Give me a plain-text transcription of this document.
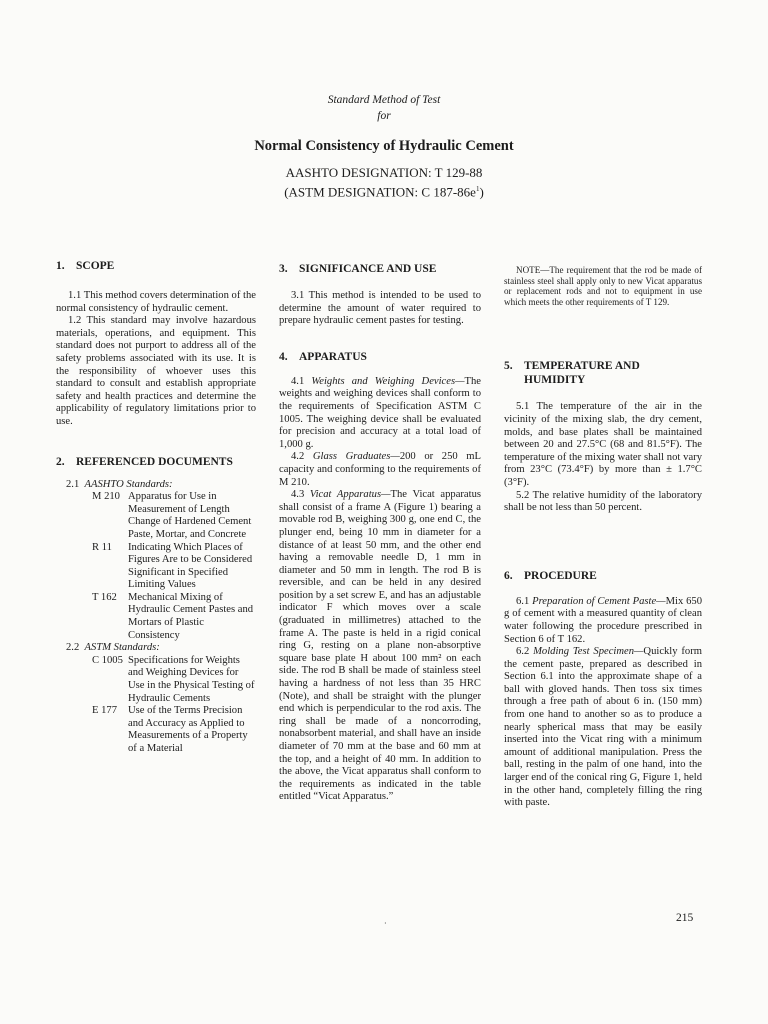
Standard Method of Test
for
Normal Consistency of Hydraulic Cement
AASHTO DESIGNATION: T 129-88
(ASTM DESIGNATION: C $187-86e^1$)
1. SCOPE

1.1 This method covers determination of the normal consistency of hydraulic cement.

1.2 This standard may involve hazardous materials, operations, and equipment. This standard does not purport to address all of the safety problems associated with its use. It is the responsibility of whoever uses this standard to consult and establish appropriate safety and health practices and determine the applicability of regulatory limitations prior to use.

2. REFERENCED DOCUMENTS
2.1 AASHTO Standards:
M 210 Apparatus for Use in Measurement of Length Change of Hardened Cement Paste, Mortar, and Concrete
R 11	Indicating Which Places of Figures Are to be Considered Significant in Specified Limiting Values
T 162	Mechanical Mixing of Hydraulic Cement Pastes and Mortars of Plastic Consistency
2.2 ASTM Standards:
C 1005 Specifications for Weights and Weighing Devices for Use in the Physical Testing of Hydraulic Cements
E 177	Use of the Terms Precision and Accuracy as Applied to Measurements of a Property of a Material
3. SIGNIFICANCE AND USE

3.1 This method is intended to be used to determine the amount of water required to prepare hydraulic cement pastes for testing.

4. APPARATUS

4.1 Weights and Weighing Devices—The weights and weighing devices shall conform to the requirements of Specification ASTM C 1005. The weighing device shall be evaluated for precision and accuracy at a total load of 1,000 g.

4.2 Glass Graduates—200 or 250 mL capacity and conforming to the requirements of M 210.

4.3 Vicat Apparatus—The Vicat apparatus shall consist of a frame A (Figure 1) bearing a movable rod B, weighing 300 g, one end C, the plunger end, being 10 mm in diameter for a distance of at least 50 mm, and the other end having a removable needle D, 1 mm in diameter and 50 mm in length. The rod B is reversible, and can be held in any desired position by a set screw E, and has an adjustable indicator F which moves over a scale (graduated in millimetres) attached to the frame A. The paste is held in a rigid conical ring G, resting on a plane non-absorptive square base plate H about 100 mm² on each side. The rod B shall be made of stainless steel having a hardness of not less than 35 HRC (Note), and shall be straight with the plunger end which is perpendicular to the rod axis. The ring shall be made of a noncorroding, nonabsorbent material, and shall have an inside diameter of 70 mm at the base and 60 mm at the top, and a height of 40 mm. In addition to the above, the Vicat apparatus shall conform to the requirements as indicated in the table entitled “Vicat Apparatus.”

NOTE—The requirement that the rod be made of stainless steel shall apply only to new Vicat apparatus or replacement rods and not to equipment in use which meets the other requirements of T 129.

5. TEMPERATURE AND
HUMIDITY

5.1 The temperature of the air in the vicinity of the mixing slab, the dry cement, molds, and base plates shall be maintained between 20 and 27.5°C (68 and 81.5°F). The temperature of the mixing water shall not vary from 23°C (73.4°F) by more than ± 1.7°C (3°F).

5.2 The relative humidity of the laboratory shall be not less than 50 percent.

6. PROCEDURE

6.1 Preparation of Cement Paste—Mix 650 g of cement with a measured quantity of clean water following the procedure prescribed in Section 6 of T 162.

6.2 Molding Test Specimen—Quickly form the cement paste, prepared as described in Section 6.1 into the approximate shape of a ball with gloved hands. Then toss six times through a free path of about 6 in. (150 mm) from one hand to another so as to produce a nearly spherical mass that may be easily inserted into the Vicat ring with a minimum amount of additional manipulation. Press the ball, resting in the palm of one hand, into the larger end of the conical ring G, Figure 1, held in the other hand, completely filling the ring with paste.

·	215
